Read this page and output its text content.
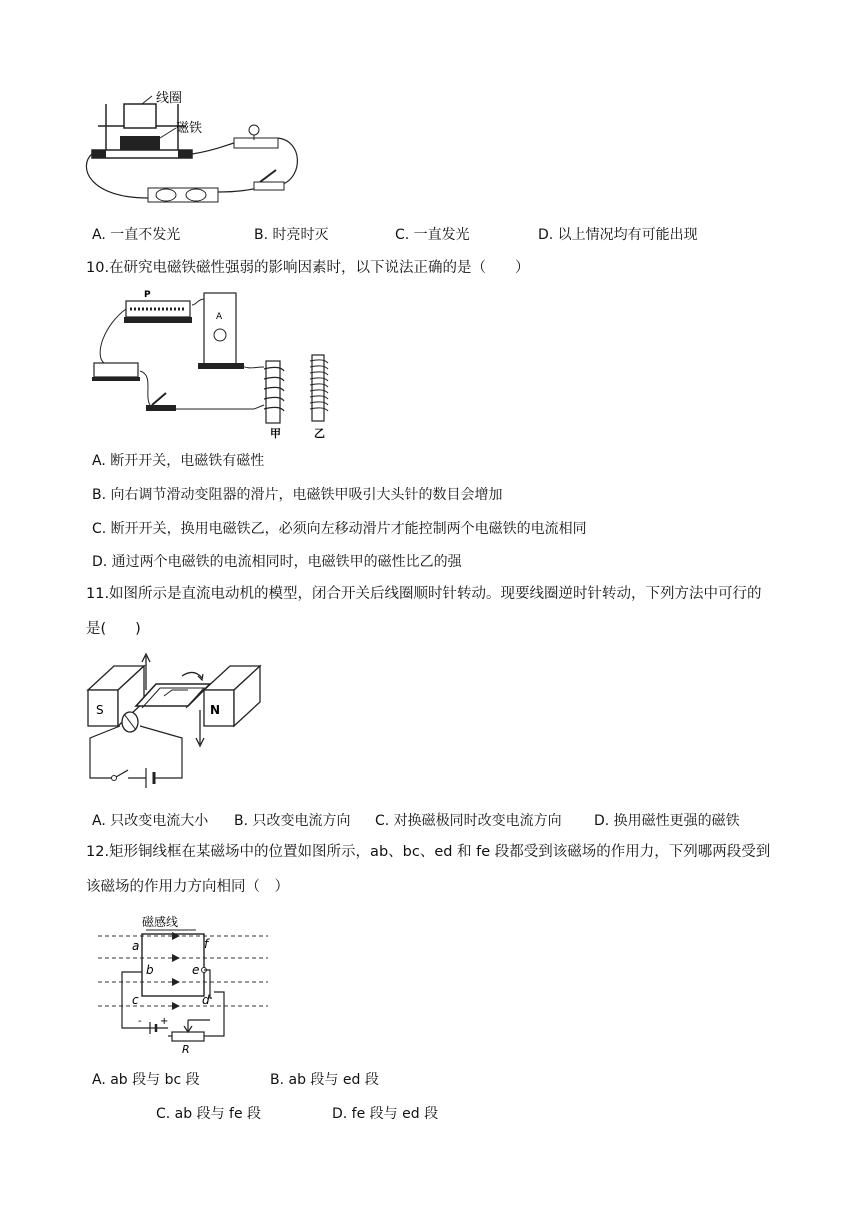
线圈
磁铁
A. 一直不发光	B. 时亮时灭	C. 一直发光	D. 以上情况均有可能出现
10.在研究电磁铁磁性强弱的影响因素时，以下说法正确的是（　　）
P
A
甲	乙
A. 断开开关，电磁铁有磁性
B. 向右调节滑动变阻器的滑片，电磁铁甲吸引大头针的数目会增加
C. 断开开关，换用电磁铁乙，必须向左移动滑片才能控制两个电磁铁的电流相同
D. 通过两个电磁铁的电流相同时，电磁铁甲的磁性比乙的强
11.如图所示是直流电动机的模型，闭合开关后线圈顺时针转动。现要线圈逆时针转动，下列方法中可行的
是(　　)
S	N
A. 只改变电流大小 B. 只改变电流方向 C. 对换磁极同时改变电流方向 D. 换用磁性更强的磁铁
12.矩形铜线框在某磁场中的位置如图所示，ab、bc、ed 和 fe 段都受到该磁场的作用力，下列哪两段受到
该磁场的作用力方向相同（　）
磁感线
- +
R
a
b
c	d
e
f
A. ab 段与 bc 段	B. ab 段与 ed 段
C. ab 段与 fe 段	D. fe 段与 ed 段
